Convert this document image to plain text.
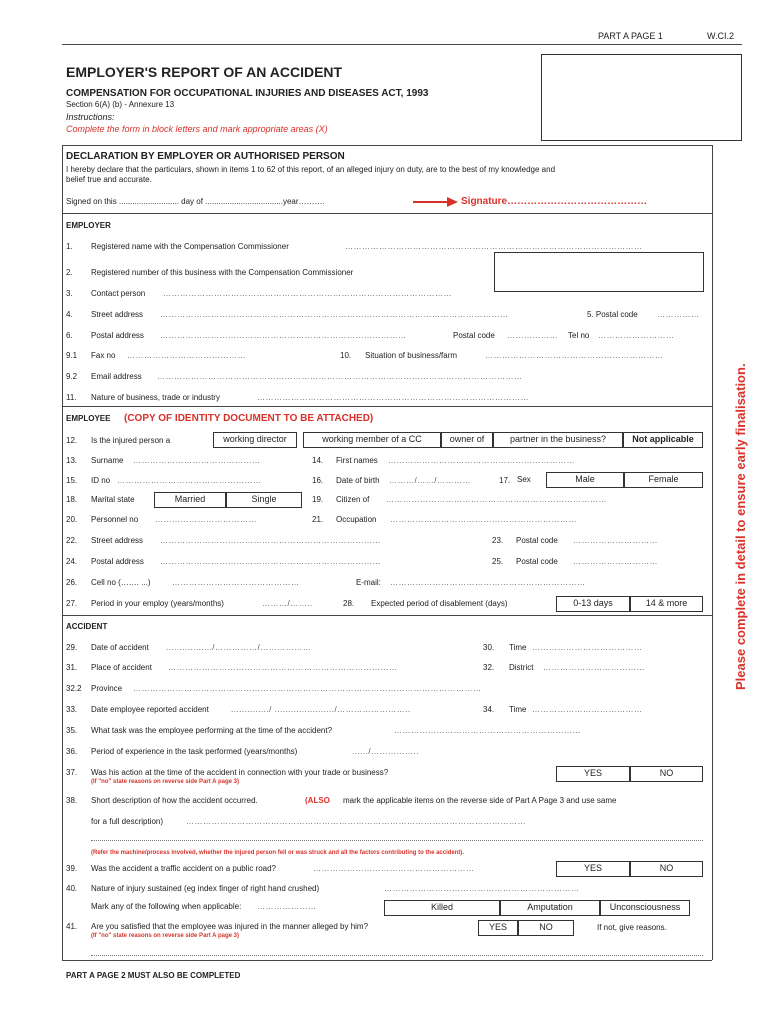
PART A PAGE 1	W.CI.2
EMPLOYER'S REPORT OF AN ACCIDENT
COMPENSATION FOR OCCUPATIONAL INJURIES AND DISEASES ACT, 1993
Section 6(A) (b) - Annexure 13
Instructions:
Complete the form in block letters and mark appropriate areas (X)
Please complete in detail to ensure early finalisation.
DECLARATION BY EMPLOYER OR AUTHORISED PERSON
I hereby declare that the particulars, shown in items 1 to 62 of this report, of an alleged injury on duty, are to the best of my knowledge and
belief true and accurate.
Signed on this ........................... day of ...................................year……….	Signature……………………………………
EMPLOYER
1. Registered name with the Compensation Commissioner	……………………………………………………………………………………………
2. Registered number of this business with the Compensation Commissioner
3. Contact person …………………………………………………………………………………………
4. Street address ……………………………………………………………………………………………………………	5. Postal code ……………
6. Postal address ……………………………………………………………………………	Postal code ……………… Tel no ………………………
9.1 Fax no ……………………………………	10. Situation of business/farm	………………………………………………………
9.2 Email address …………………………………………………………………………………………………………………
11. Nature of business, trade or industry	……………………………………………………………………………………
EMPLOYEE (COPY OF IDENTITY DOCUMENT TO BE ATTACHED)
12. Is the injured person a	working director	working member of a CC	owner of	partner in the business?	Not applicable
13. Surname ………………………………………	14. First names …………………………………………………………
15. ID no ……………………………………………	16. Date of birth ………/……/…………	17. Sex	Male	Female
18. Marital state	Married	Single	19. Citizen of ……………………………………………………………………
20. Personnel no ………………………………	21. Occupation …………………………………………………………
22. Street address ……………………………………………………………………	23. Postal code …………………………
24. Postal address ……………………………………………………………………	25. Postal code …………………………
26. Cell no (……. ...)	………………………………………	E-mail: ……………………………………………………………
27. Period in your employ (years/months)	………/……..	28. Expected period of disablement (days)	0-13 days	14 & more
ACCIDENT
29. Date of accident ................./……………/………………	30. Time …………………………………
31. Place of accident ………………………………………………………………………	32. District ………………………………
32.2 Province ……………………………………………………………………………………………………………
33. Date employee reported accident	............../ ....................../……………………..	34. Time …………………………………
35. What task was the employee performing at the time of the accident?	…………………………………………………………
36. Period of experience in the task performed (years/months)	....../……………..
37. Was his action at the time of the accident in connection with your trade or business?
(If "no" state reasons on reverse side Part A page 3)
YES	NO
38. Short description of how the accident occurred.	(ALSO mark the applicable items on the reverse side of Part A Page 3 and use same
for a full description)	…………………………………………………………………………………………………………
(Refer the machine/process involved, whether the injured person fell or was struck and all the factors contributing to the accident).
39. Was the accident a traffic accident on a public road?	…………………………………………………	YES	NO
40. Nature of injury sustained (eg index finger of right hand crushed)	……………………………………………………………
Mark any of the following when applicable: …………………	Killed	Amputation	Unconsciousness
41. Are you satisfied that the employee was injured in the manner alleged by him?
(If "no" state reasons on reverse side Part A page 3)
YES	NO	If not, give reasons.
PART A PAGE 2 MUST ALSO BE COMPLETED
